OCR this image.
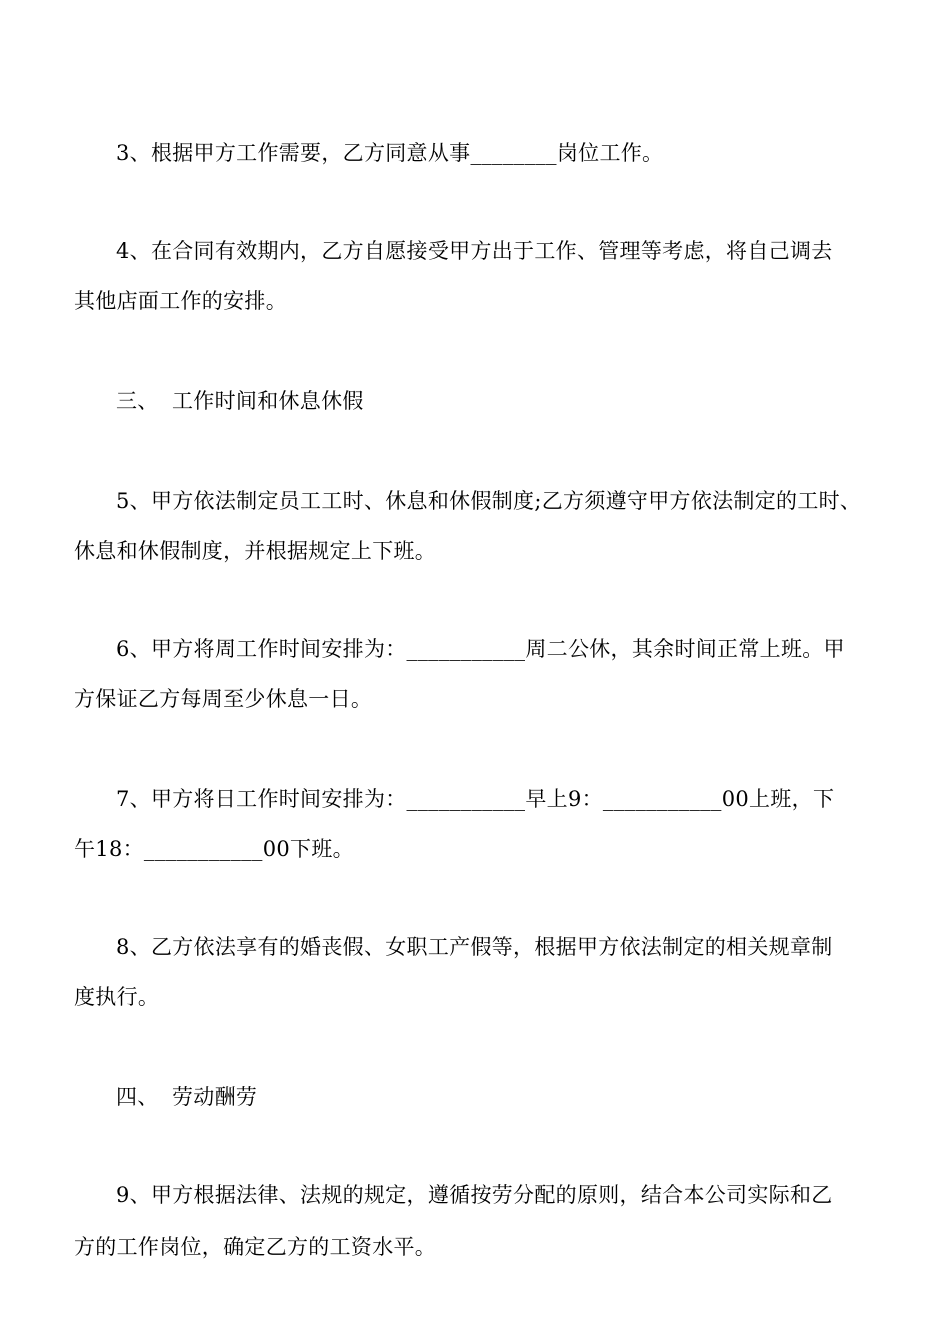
3、根据甲方工作需要，乙方同意从事________岗位工作。
4、在合同有效期内，乙方自愿接受甲方出于工作、管理等考虑，将自己调去
其他店面工作的安排。
三、 工作时间和休息休假
5、甲方依法制定员工工时、休息和休假制度;乙方须遵守甲方依法制定的工时、
休息和休假制度，并根据规定上下班。
6、甲方将周工作时间安排为：___________周二公休，其余时间正常上班。甲
方保证乙方每周至少休息一日。
7、甲方将日工作时间安排为：___________早上9：___________00上班，下
午18：___________00下班。
8、乙方依法享有的婚丧假、女职工产假等，根据甲方依法制定的相关规章制
度执行。
四、 劳动酬劳
9、甲方根据法律、法规的规定，遵循按劳分配的原则，结合本公司实际和乙
方的工作岗位，确定乙方的工资水平。
